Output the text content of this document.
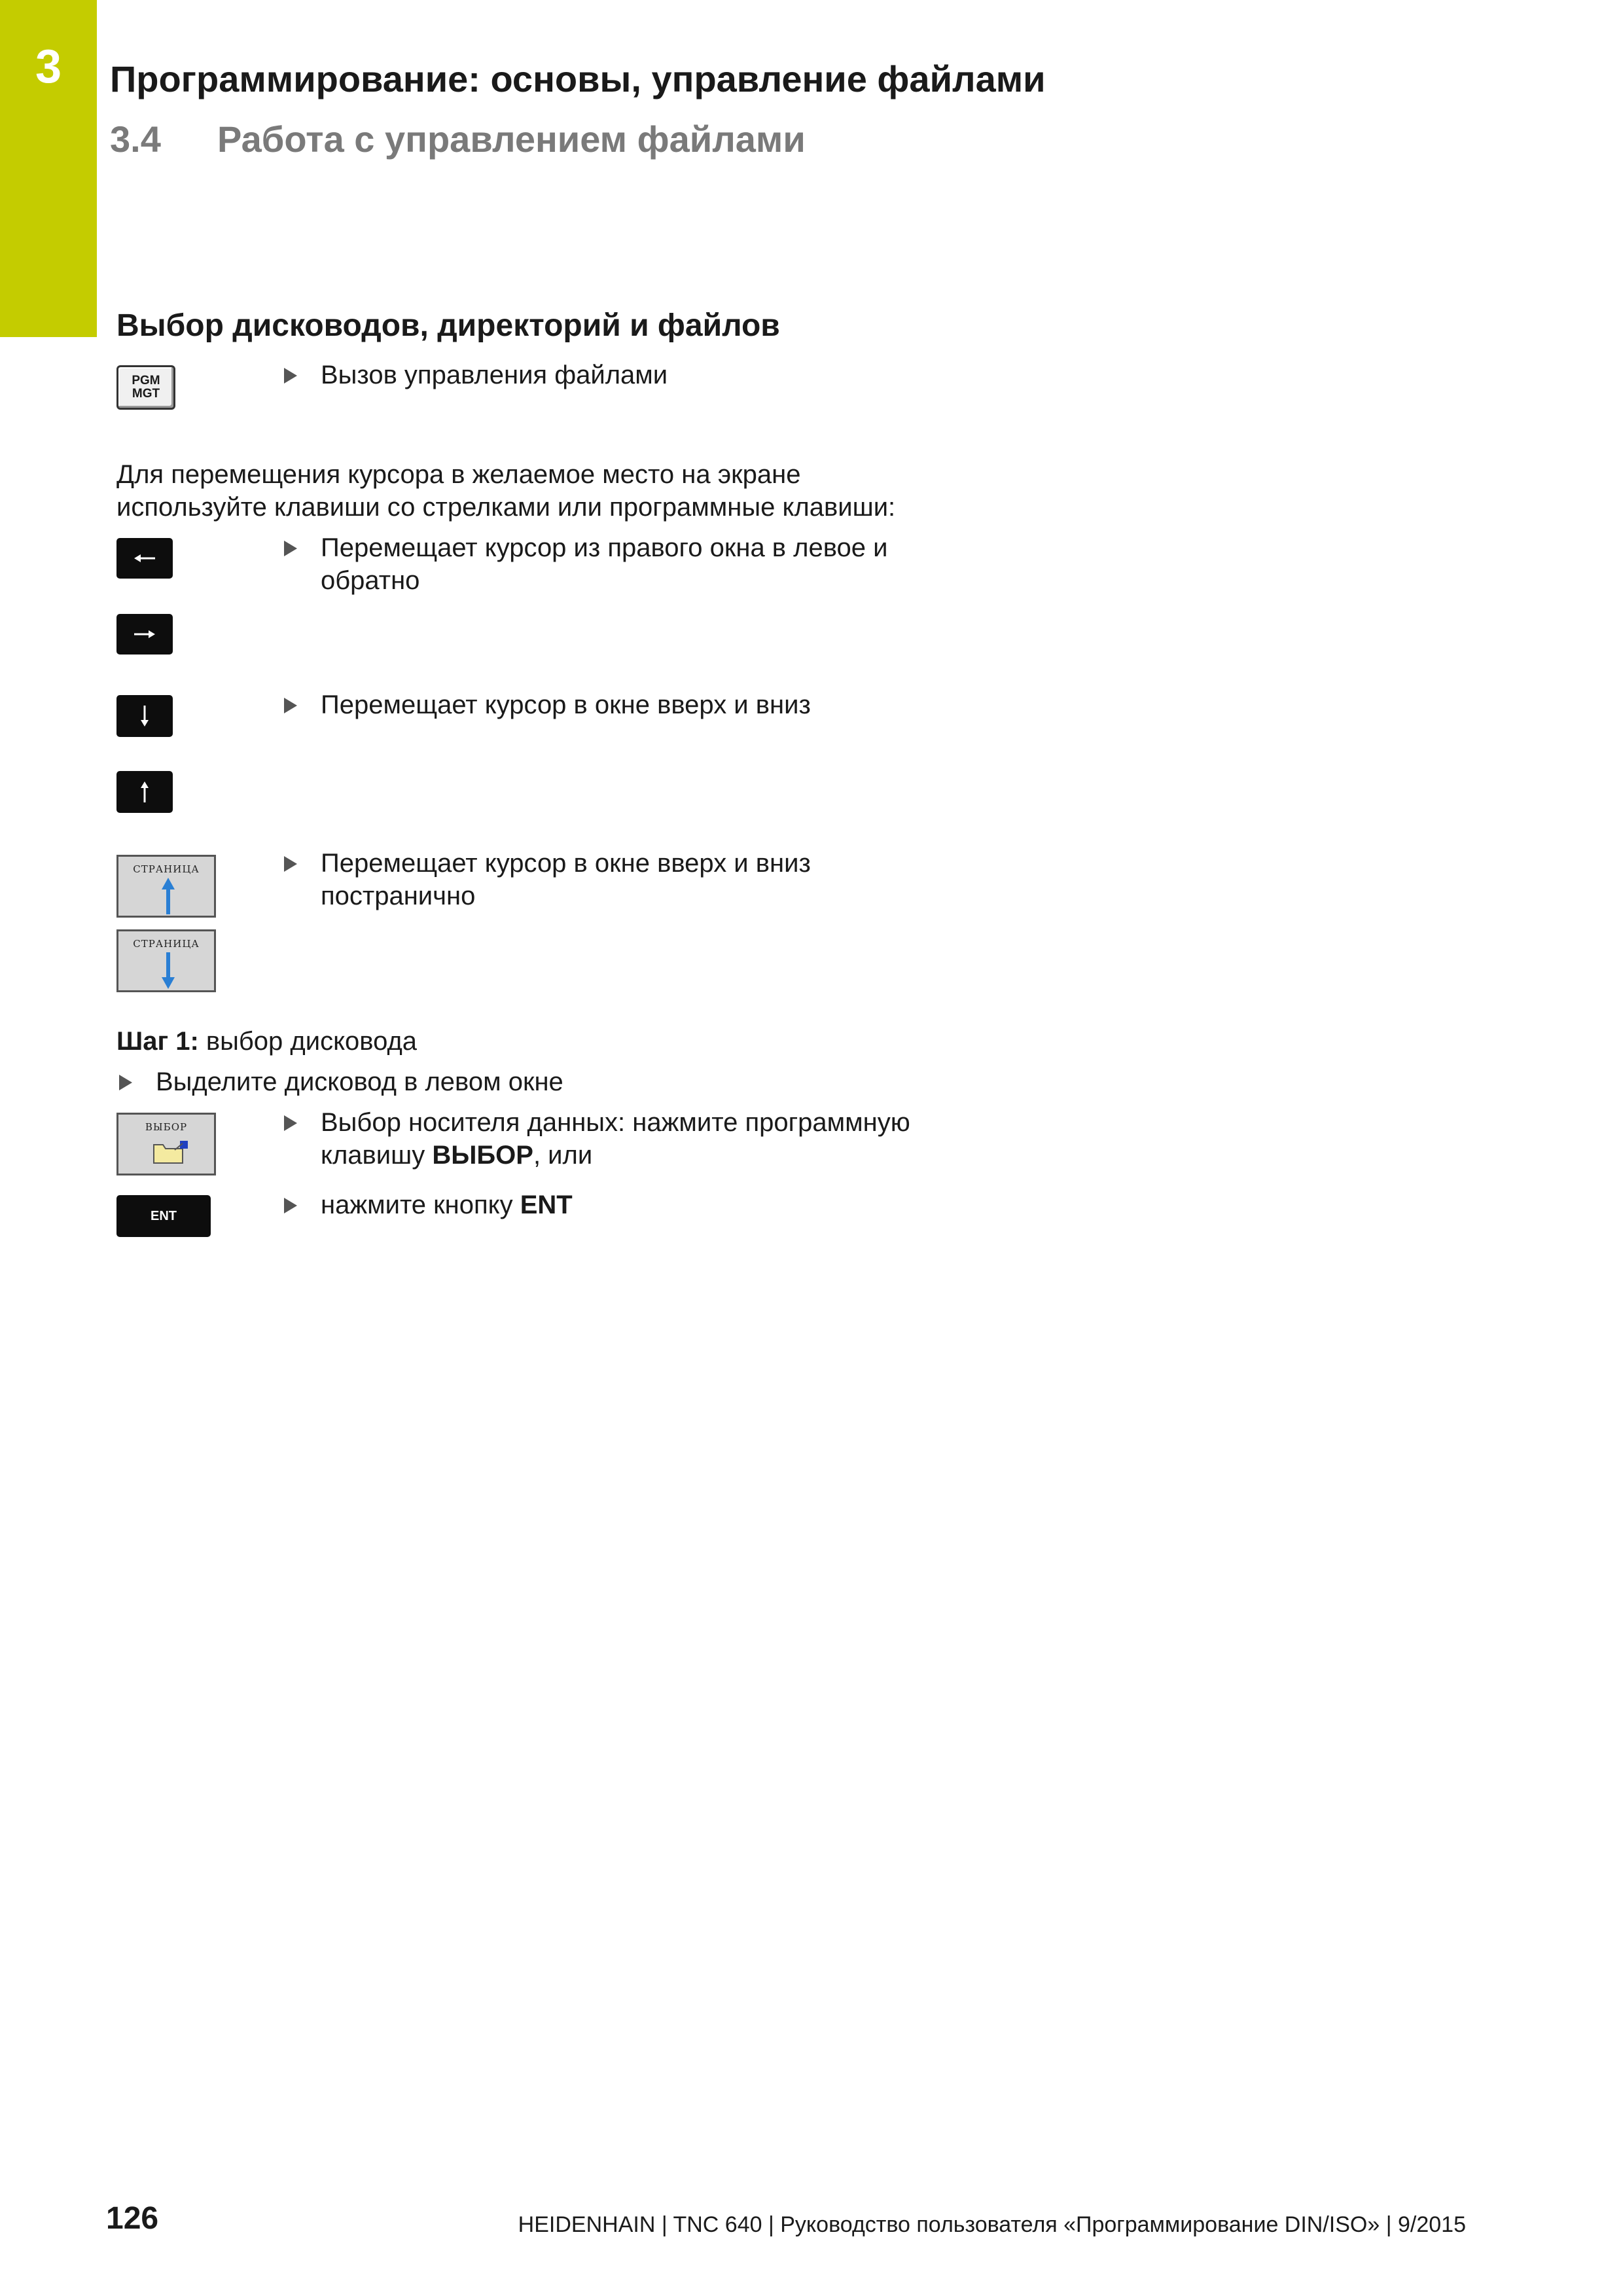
3	Программирование: основы, управление файлами
3.4 Работа с управлением файлами
Выбор дисководов, директорий и файлов
PGM
MGT
Вызов управления файлами
Для перемещения курсора в желаемое место на экране
используйте клавиши со стрелками или программные клавиши:
Перемещает курсор из правого окна в левое и
обратно
Перемещает курсор в окне вверх и вниз
СТРАНИЦА
СТРАНИЦА
Перемещает курсор в окне вверх и вниз
постранично
Шаг 1: выбор дисковода
Выделите дисковод в левом окне
ВЫБОР	Выбор носителя данных: нажмите программную
клавишу ВЫБОР, или
ENT	нажмите кнопку ENT
126	HEIDENHAIN | TNC 640 | Руководство пользователя «Программирование DIN/ISO» | 9/2015
